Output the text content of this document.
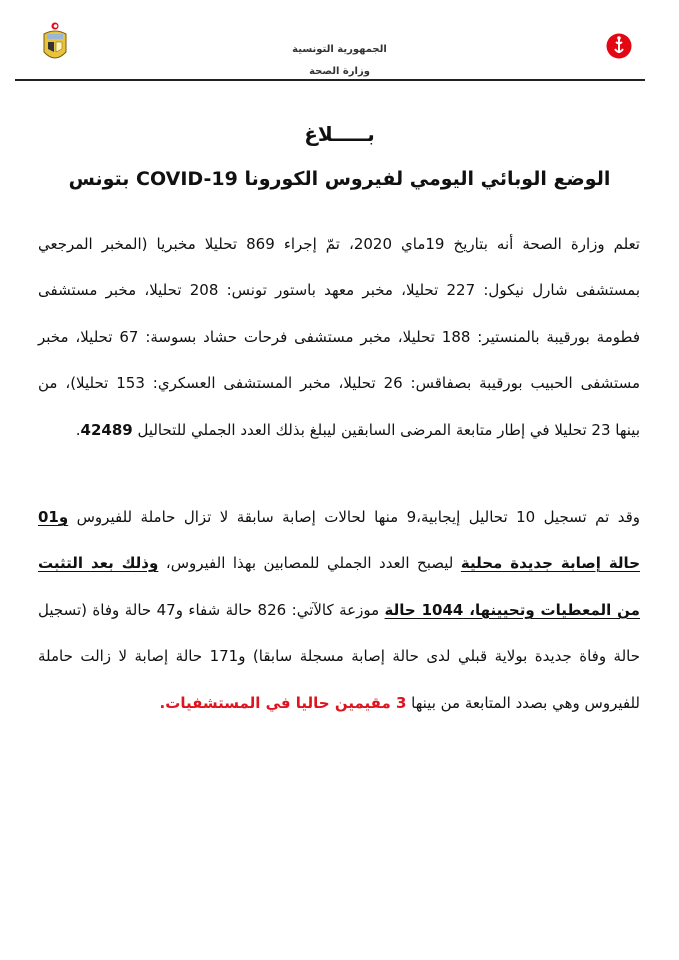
الجمهورية التونسية
وزارة الصحة
بـــــلاغ
الوضع الوبائي اليومي لفيروس الكورونا COVID-19 بتونس
تعلم وزارة الصحة أنه بتاريخ 19ماي 2020، تمّ إجراء 869 تحليلا مخبريا (المخبر المرجعي
بمستشفى شارل نيكول: 227 تحليلا، مخبر معهد باستور تونس: 208 تحليلا، مخبر مستشفى
فطومة بورقيبة بالمنستير: 188 تحليلا، مخبر مستشفى فرحات حشاد بسوسة: 67 تحليلا، مخبر
مستشفى الحبيب بورقيبة بصفاقس: 26 تحليلا، مخبر المستشفى العسكري: 153 تحليلا)، من
بينها 23 تحليلا في إطار متابعة المرضى السابقين ليبلغ بذلك العدد الجملي للتحاليل 42489.
وقد تم تسجيل 10 تحاليل إيجابية،9 منها لحالات إصابة سابقة لا تزال حاملة للفيروس و01
حالة إصابة جديدة محلية ليصبح العدد الجملي للمصابين بهذا الفيروس، وذلك بعد التثبت
من المعطيات وتحيينها، 1044 حالة موزعة كالآتي: 826 حالة شفاء و47 حالة وفاة (تسجيل
حالة وفاة جديدة بولاية قبلي لدى حالة إصابة مسجلة سابقا) و171 حالة إصابة لا زالت حاملة
للفيروس وهي بصدد المتابعة من بينها 3 مقيمين حاليا في المستشفيات.
